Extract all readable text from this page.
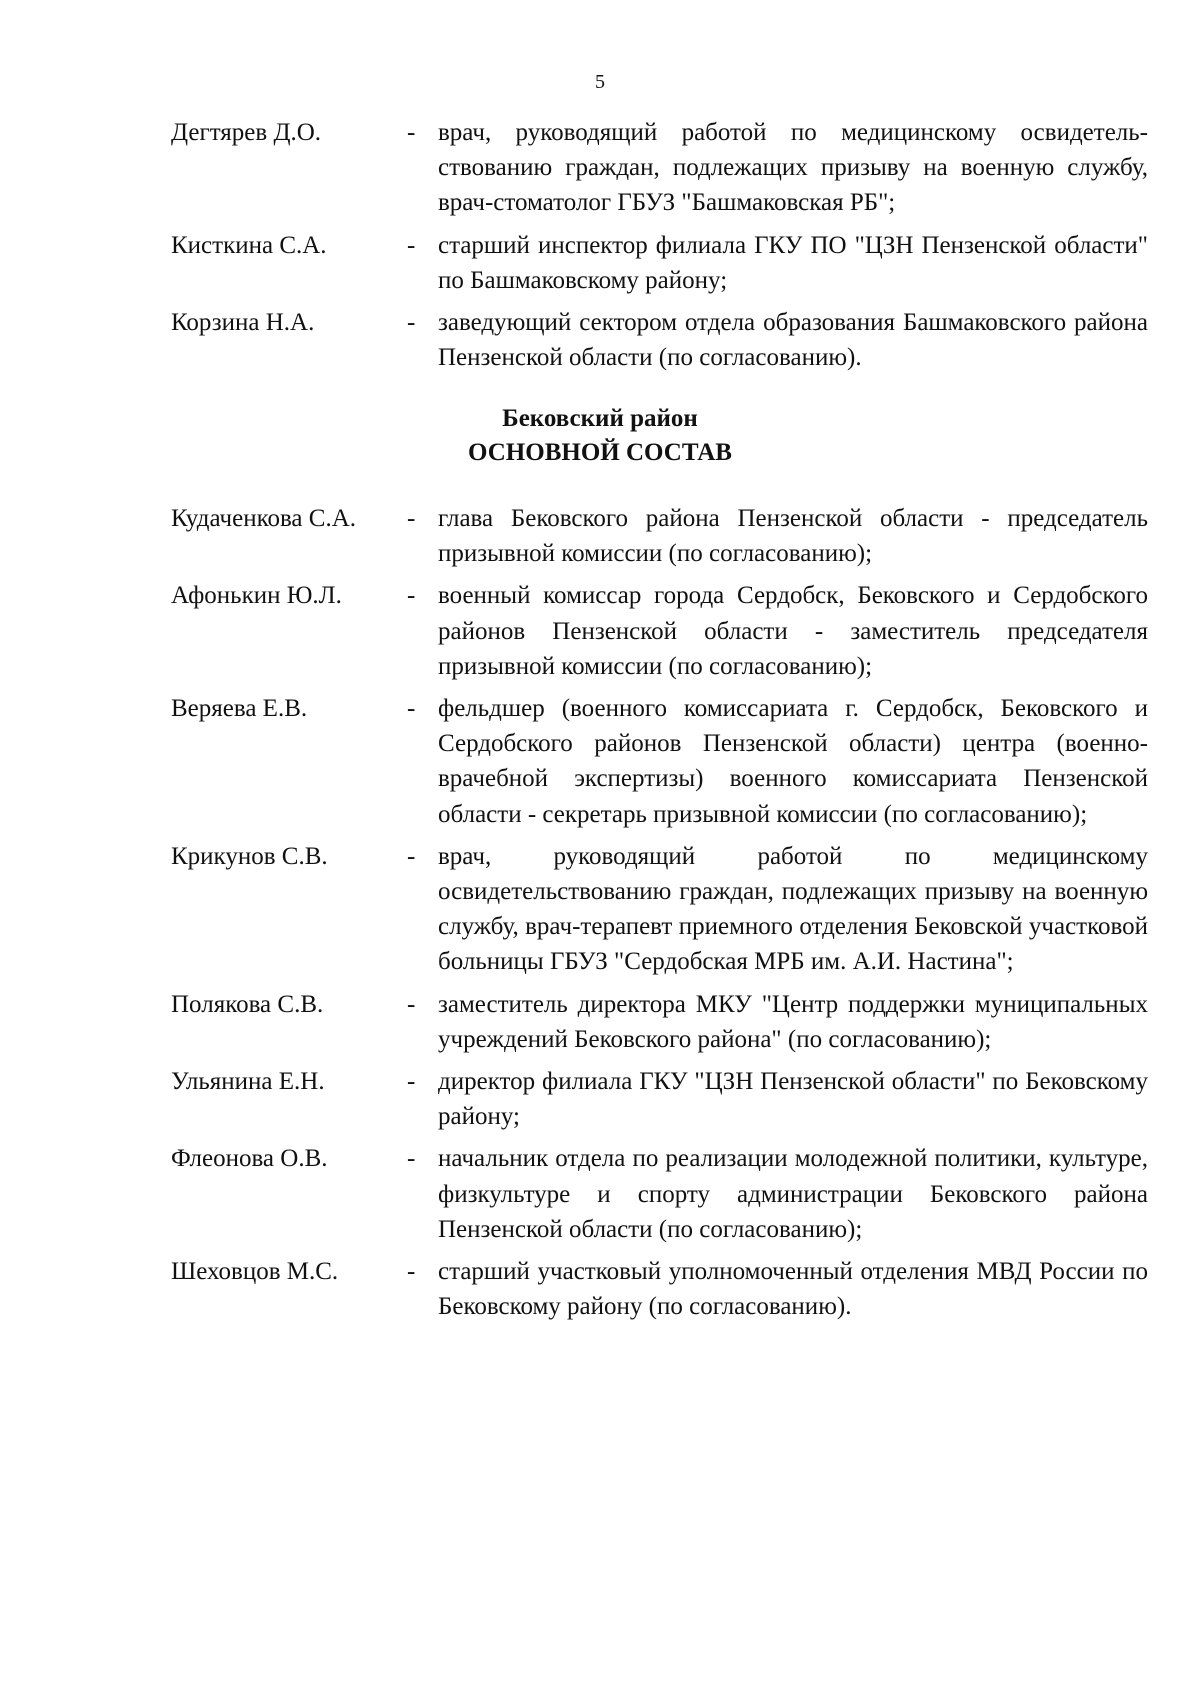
5
Дегтярев Д.О.	- врач, руководящий работой по медицинскому освидетельствованию граждан, подлежащих призыву на военную службу, врач-стоматолог ГБУЗ "Башмаковская РБ";
Кисткина С.А.	- старший инспектор филиала ГКУ ПО "ЦЗН Пензенской области" по Башмаковскому району;
Корзина Н.А.	- заведующий сектором отдела образования Башмаковского района Пензенской области (по согласованию).
Бековский район
ОСНОВНОЙ СОСТАВ
Кудаченкова С.А.	- глава Бековского района Пензенской области - председатель призывной комиссии (по согласованию);
Афонькин Ю.Л.	- военный комиссар города Сердобск, Бековского и Сердобского районов Пензенской области - заместитель председателя призывной комиссии (по согласованию);
Веряева Е.В.	- фельдшер (военного комиссариата г. Сердобск, Бековского и Сердобского районов Пензенской области) центра (военно-врачебной экспертизы) военного комиссариата Пензенской области - секретарь призывной комиссии (по согласованию);
Крикунов С.В.	- врач, руководящий работой по медицинскому освидетельствованию граждан, подлежащих призыву на военную службу, врач-терапевт приемного отделения Бековской участковой больницы ГБУЗ "Сердобская МРБ им. А.И. Настина";
Полякова С.В.	- заместитель директора МКУ "Центр поддержки муниципальных учреждений Бековского района" (по согласованию);
Ульянина Е.Н.	- директор филиала ГКУ "ЦЗН Пензенской области" по Бековскому району;
Флеонова О.В.	- начальник отдела по реализации молодежной политики, культуре, физкультуре и спорту администрации Бековского района Пензенской области (по согласованию);
Шеховцов М.С.	- старший участковый уполномоченный отделения МВД России по Бековскому району (по согласованию).
